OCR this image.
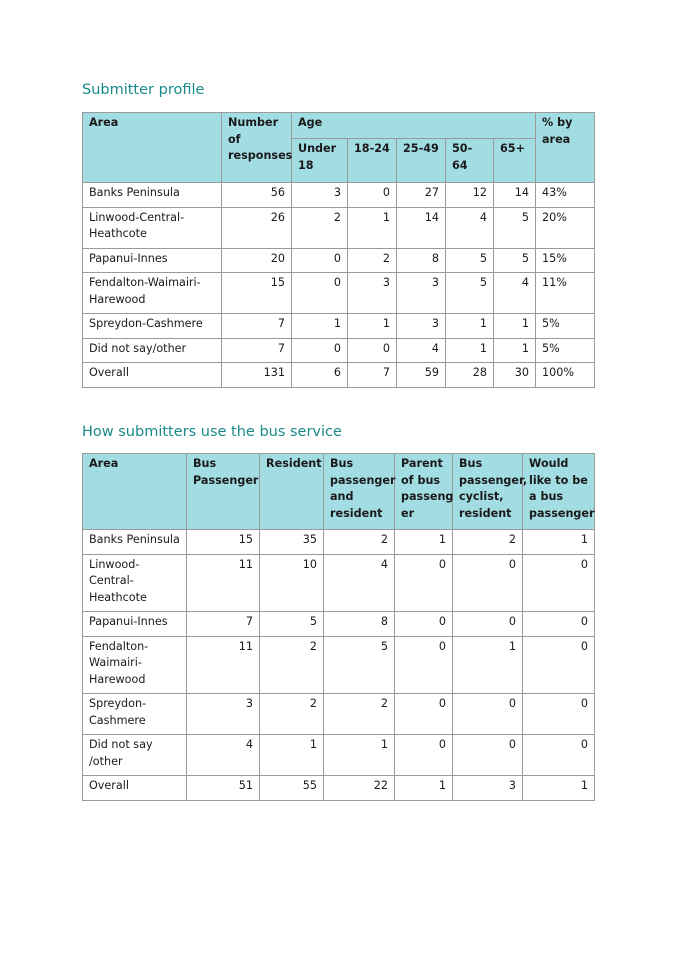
Submitter profile
Area	Number of responses	Age					% by area
		Under 18	18-24	25-49	50-64	65+	
Banks Peninsula	56	3	0	27	12	14	43%
Linwood-Central-Heathcote	26	2	1	14	4	5	20%
Papanui-Innes	20	0	2	8	5	5	15%
Fendalton-Waimairi-Harewood	15	0	3	3	5	4	11%
Spreydon-Cashmere	7	1	1	3	1	1	5%
Did not say/other	7	0	0	4	1	1	5%
Overall	131	6	7	59	28	30	100%
How submitters use the bus service
Area	Bus Passenger	Resident	Bus passenger and resident	Parent of bus passeng er	Bus passenger, cyclist, resident	Would like to be a bus passenger
Banks Peninsula	15	35	2	1	2	1
Linwood-Central-Heathcote	11	10	4	0	0	0
Papanui-Innes	7	5	8	0	0	0
Fendalton-Waimairi-Harewood	11	2	5	0	1	0
Spreydon-Cashmere	3	2	2	0	0	0
Did not say /other	4	1	1	0	0	0
Overall	51	55	22	1	3	1
